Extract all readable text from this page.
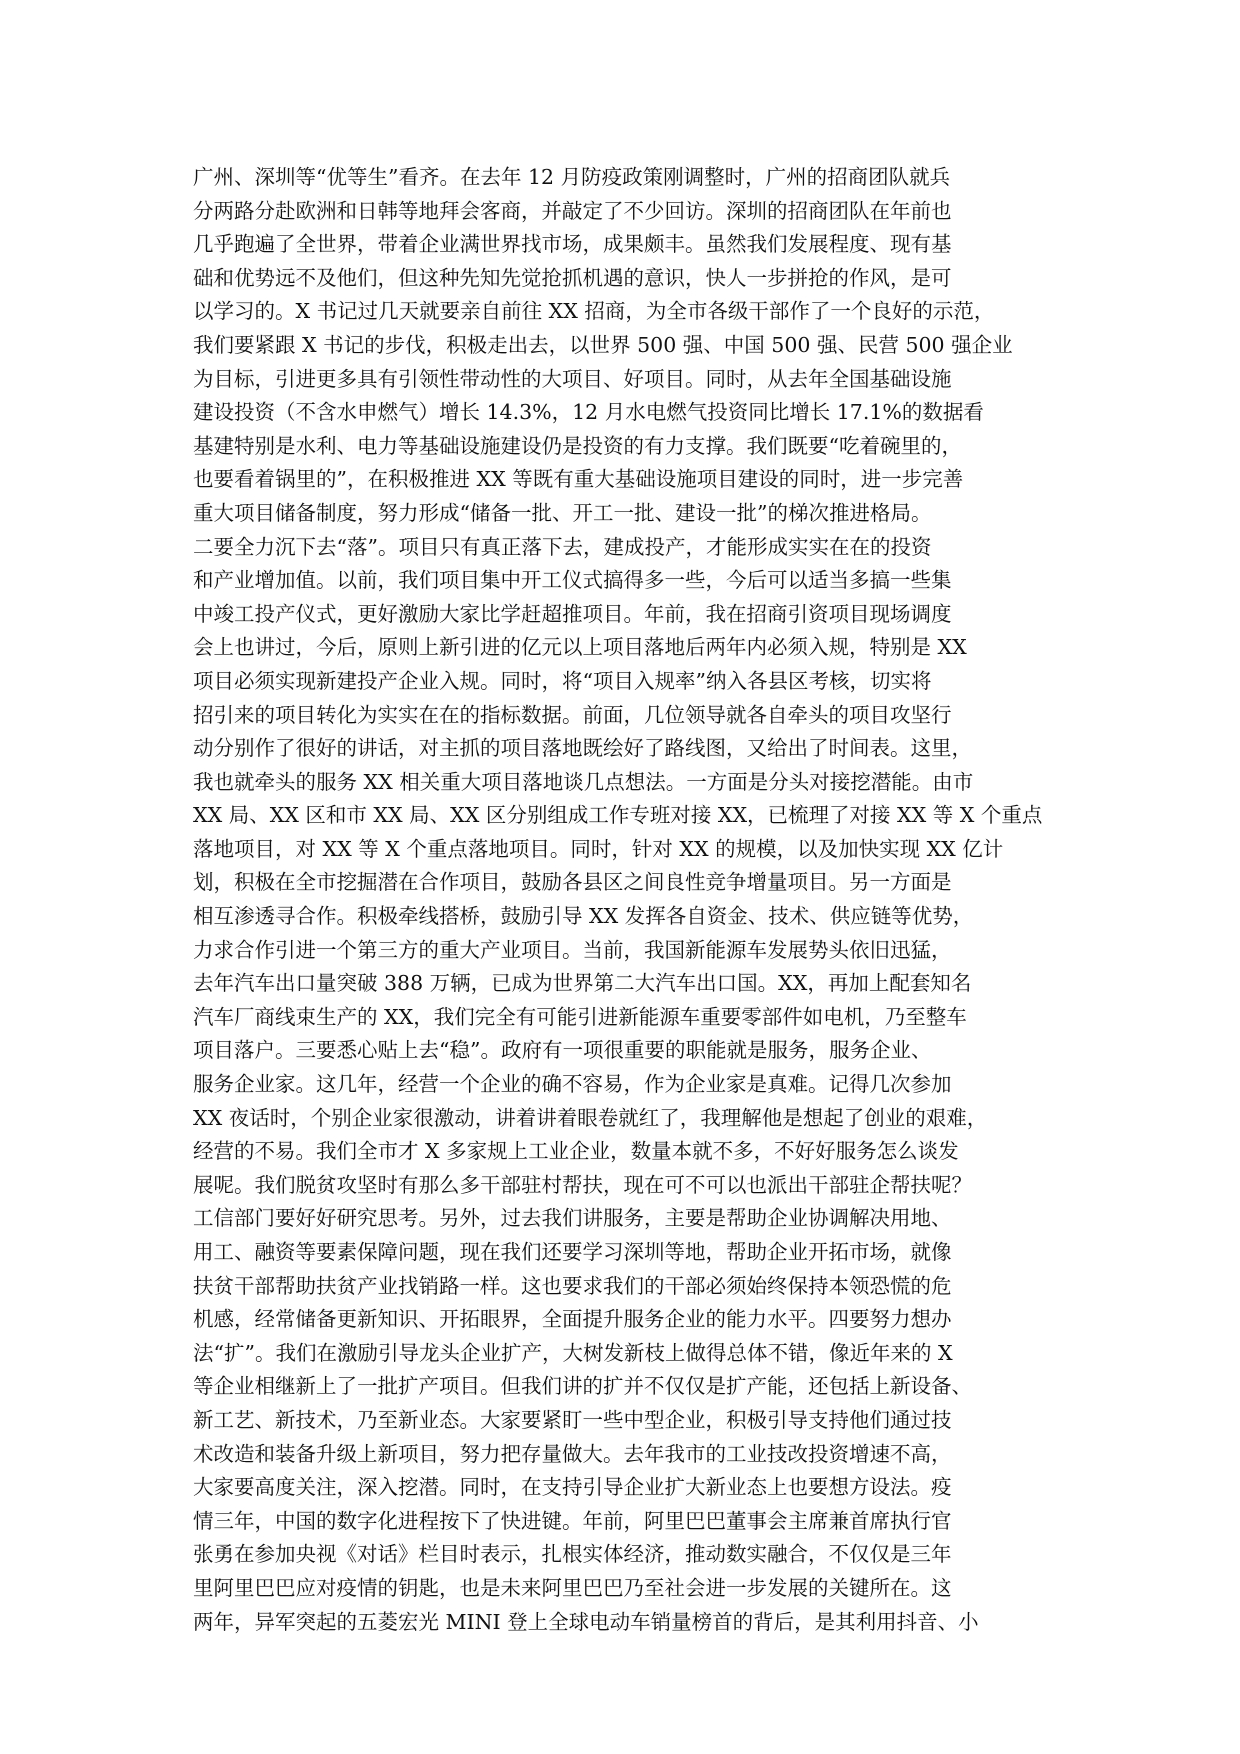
广州、深圳等“优等生”看齐。在去年 12 月防疫政策刚调整时，广州的招商团队就兵
分两路分赴欧洲和日韩等地拜会客商，并敲定了不少回访。深圳的招商团队在年前也
几乎跑遍了全世界，带着企业满世界找市场，成果颇丰。虽然我们发展程度、现有基
础和优势远不及他们，但这种先知先觉抢抓机遇的意识，快人一步拼抢的作风，是可
以学习的。X 书记过几天就要亲自前往 XX 招商，为全市各级干部作了一个良好的示范，
我们要紧跟 X 书记的步伐，积极走出去，以世界 500 强、中国 500 强、民营 500 强企业
为目标，引进更多具有引领性带动性的大项目、好项目。同时，从去年全国基础设施
建设投资（不含水申燃气）增长 14.3%，12 月水电燃气投资同比增长 17.1%的数据看
基建特别是水利、电力等基础设施建设仍是投资的有力支撑。我们既要“吃着碗里的，
也要看着锅里的”，在积极推进 XX 等既有重大基础设施项目建设的同时，进一步完善
重大项目储备制度，努力形成“储备一批、开工一批、建设一批”的梯次推进格局。
二要全力沉下去“落”。项目只有真正落下去，建成投产，才能形成实实在在的投资
和产业增加值。以前，我们项目集中开工仪式搞得多一些，今后可以适当多搞一些集
中竣工投产仪式，更好激励大家比学赶超推项目。年前，我在招商引资项目现场调度
会上也讲过，今后，原则上新引进的亿元以上项目落地后两年内必须入规，特别是 XX
项目必须实现新建投产企业入规。同时，将“项目入规率”纳入各县区考核，切实将
招引来的项目转化为实实在在的指标数据。前面，几位领导就各自牵头的项目攻坚行
动分别作了很好的讲话，对主抓的项目落地既绘好了路线图，又给出了时间表。这里，
我也就牵头的服务 XX 相关重大项目落地谈几点想法。一方面是分头对接挖潜能。由市
XX 局、XX 区和市 XX 局、XX 区分别组成工作专班对接 XX，已梳理了对接 XX 等 X 个重点
落地项目，对 XX 等 X 个重点落地项目。同时，针对 XX 的规模，以及加快实现 XX 亿计
划，积极在全市挖掘潜在合作项目，鼓励各县区之间良性竞争增量项目。另一方面是
相互渗透寻合作。积极牵线搭桥，鼓励引导 XX 发挥各自资金、技术、供应链等优势，
力求合作引进一个第三方的重大产业项目。当前，我国新能源车发展势头依旧迅猛，
去年汽车出口量突破 388 万辆，已成为世界第二大汽车出口国。XX，再加上配套知名
汽车厂商线束生产的 XX，我们完全有可能引进新能源车重要零部件如电机，乃至整车
项目落户。三要悉心贴上去“稳”。政府有一项很重要的职能就是服务，服务企业、
服务企业家。这几年，经营一个企业的确不容易，作为企业家是真难。记得几次参加
XX 夜话时，个别企业家很激动，讲着讲着眼卷就红了，我理解他是想起了创业的艰难，
经营的不易。我们全市才 X 多家规上工业企业，数量本就不多，不好好服务怎么谈发
展呢。我们脱贫攻坚时有那么多干部驻村帮扶，现在可不可以也派出干部驻企帮扶呢？
工信部门要好好研究思考。另外，过去我们讲服务，主要是帮助企业协调解决用地、
用工、融资等要素保障问题，现在我们还要学习深圳等地，帮助企业开拓市场，就像
扶贫干部帮助扶贫产业找销路一样。这也要求我们的干部必须始终保持本领恐慌的危
机感，经常储备更新知识、开拓眼界，全面提升服务企业的能力水平。四要努力想办
法“扩”。我们在激励引导龙头企业扩产，大树发新枝上做得总体不错，像近年来的 X
等企业相继新上了一批扩产项目。但我们讲的扩并不仅仅是扩产能，还包括上新设备、
新工艺、新技术，乃至新业态。大家要紧盯一些中型企业，积极引导支持他们通过技
术改造和装备升级上新项目，努力把存量做大。去年我市的工业技改投资增速不高，
大家要高度关注，深入挖潜。同时，在支持引导企业扩大新业态上也要想方设法。疫
情三年，中国的数字化进程按下了快进键。年前，阿里巴巴董事会主席兼首席执行官
张勇在参加央视《对话》栏目时表示，扎根实体经济，推动数实融合，不仅仅是三年
里阿里巴巴应对疫情的钥匙，也是未来阿里巴巴乃至社会进一步发展的关键所在。这
两年，异军突起的五菱宏光 MINI 登上全球电动车销量榜首的背后，是其利用抖音、小
